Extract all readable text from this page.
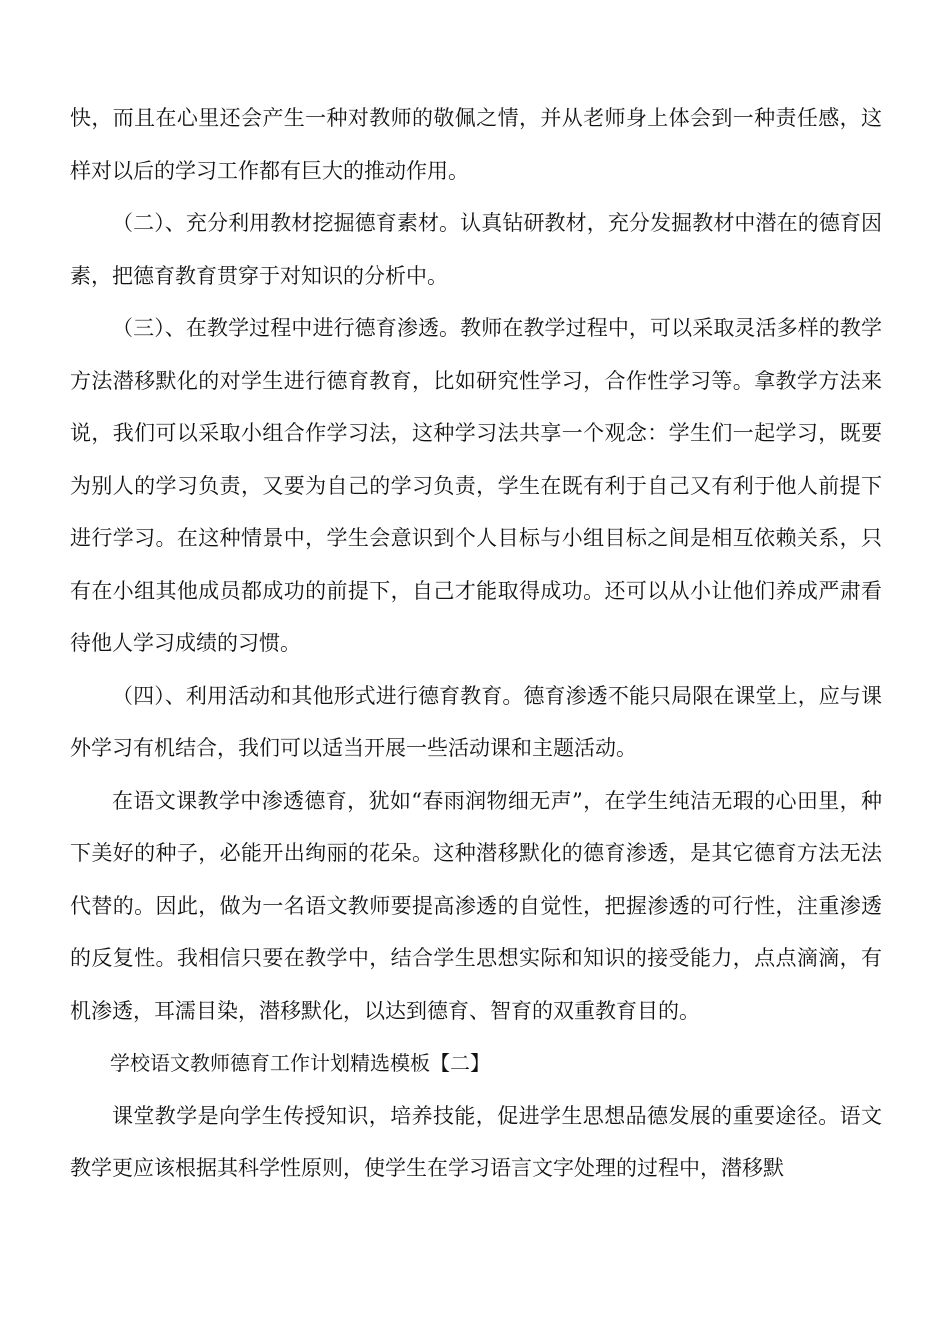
快，而且在心里还会产生一种对教师的敬佩之情，并从老师身上体会到一种责任感，这样对以后的学习工作都有巨大的推动作用。

（二）、充分利用教材挖掘德育素材。认真钻研教材，充分发掘教材中潜在的德育因素，把德育教育贯穿于对知识的分析中。

（三）、在教学过程中进行德育渗透。教师在教学过程中，可以采取灵活多样的教学方法潜移默化的对学生进行德育教育，比如研究性学习，合作性学习等。拿教学方法来说，我们可以采取小组合作学习法，这种学习法共享一个观念：学生们一起学习，既要为别人的学习负责，又要为自己的学习负责，学生在既有利于自己又有利于他人前提下进行学习。在这种情景中，学生会意识到个人目标与小组目标之间是相互依赖关系，只有在小组其他成员都成功的前提下，自己才能取得成功。还可以从小让他们养成严肃看待他人学习成绩的习惯。

（四）、利用活动和其他形式进行德育教育。德育渗透不能只局限在课堂上，应与课外学习有机结合，我们可以适当开展一些活动课和主题活动。

在语文课教学中渗透德育，犹如“春雨润物细无声”，在学生纯洁无瑕的心田里，种下美好的种子，必能开出绚丽的花朵。这种潜移默化的德育渗透，是其它德育方法无法代替的。因此，做为一名语文教师要提高渗透的自觉性，把握渗透的可行性，注重渗透的反复性。我相信只要在教学中，结合学生思想实际和知识的接受能力，点点滴滴，有机渗透，耳濡目染，潜移默化，以达到德育、智育的双重教育目的。

学校语文教师德育工作计划精选模板【二】

课堂教学是向学生传授知识，培养技能，促进学生思想品德发展的重要途径。语文教学更应该根据其科学性原则，使学生在学习语言文字处理的过程中，潜移默
